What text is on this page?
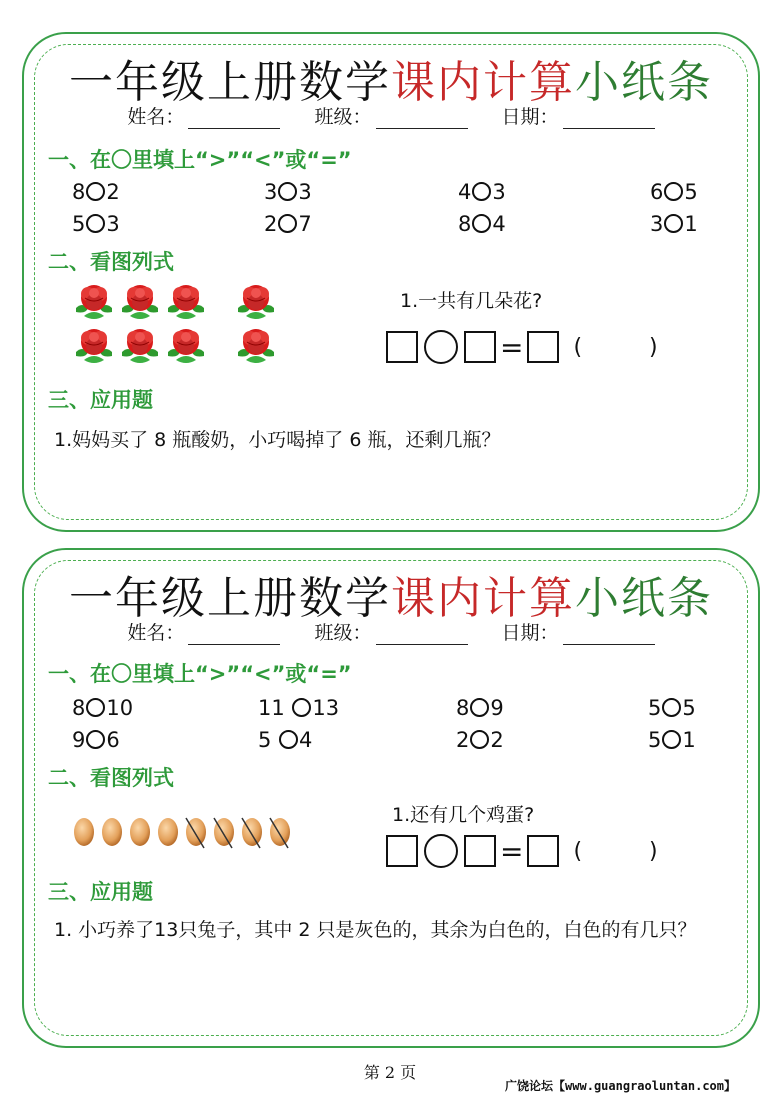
一年级上册数学课内计算小纸条
姓名：	班级：	日期：
一、在〇里填上“>”“<”或“=”
8 2	3 3	4 3	6 5
5 3	2 7	8 4	3 1
二、看图列式
1.一共有几朵花?
= ( )
三、应用题
1.妈妈买了 8 瓶酸奶，小巧喝掉了 6 瓶，还剩几瓶？
一年级上册数学课内计算小纸条
姓名：	班级：	日期：
一、在〇里填上“>”“<”或“=”
8 10	11 13	8 9	5 5
9 6	5 4	2 2	5 1
二、看图列式
1.还有几个鸡蛋?
= ( )
三、应用题
1. 小巧养了13只兔子，其中 2 只是灰色的，其余为白色的，白色的有几只？
第 2 页
广饶论坛【www.guangraoluntan.com】
